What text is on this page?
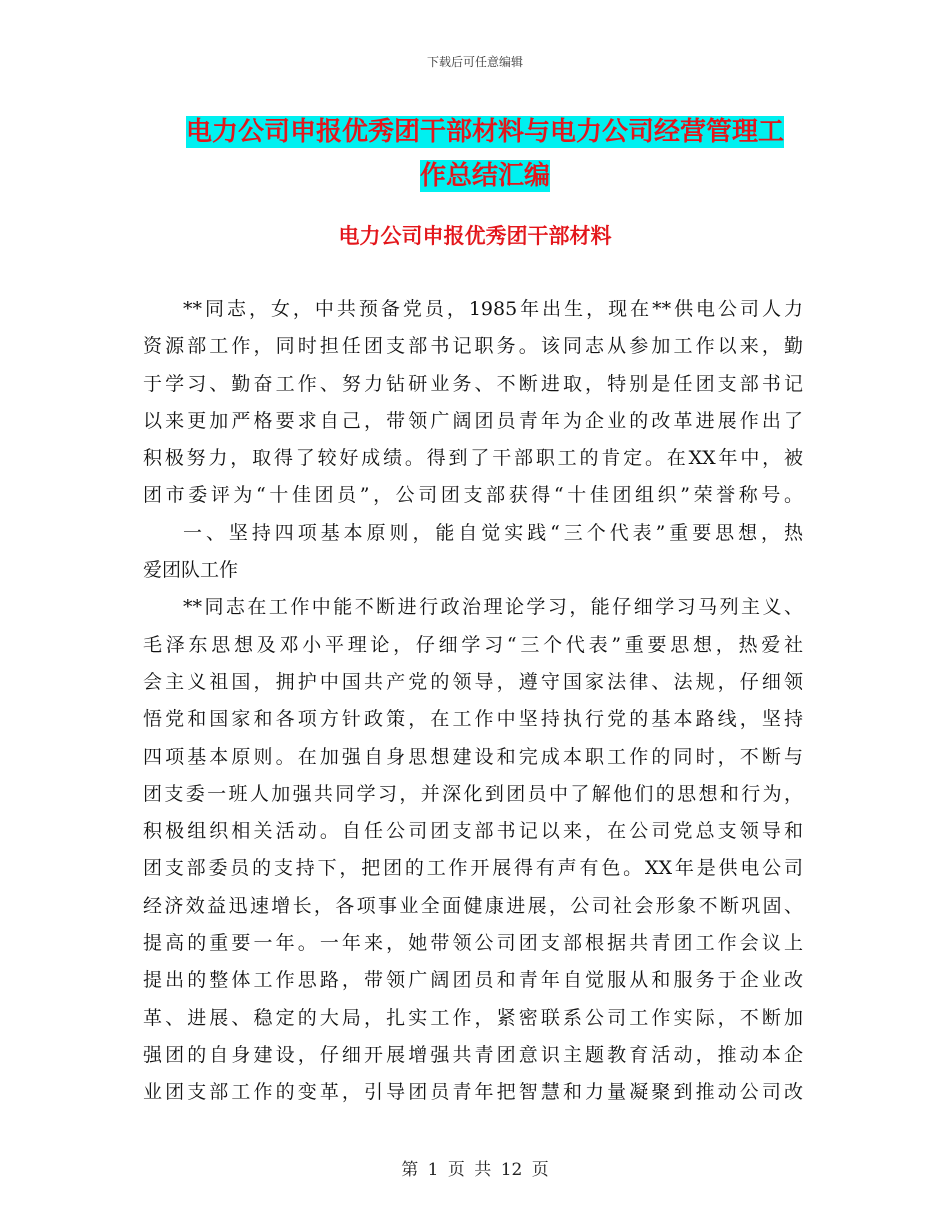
下载后可任意编辑
电力公司申报优秀团干部材料与电力公司经营管理工
作总结汇编
电力公司申报优秀团干部材料
**同志，女，中共预备党员，1985年出生，现在**供电公司人力
资源部工作，同时担任团支部书记职务。该同志从参加工作以来，勤
于学习、勤奋工作、努力钻研业务、不断进取，特别是任团支部书记
以来更加严格要求自己，带领广阔团员青年为企业的改革进展作出了
积极努力，取得了较好成绩。得到了干部职工的肯定。在XX年中，被
团市委评为“十佳团员”，公司团支部获得“十佳团组织”荣誉称号。
一、坚持四项基本原则，能自觉实践“三个代表”重要思想，热
爱团队工作
**同志在工作中能不断进行政治理论学习，能仔细学习马列主义、
毛泽东思想及邓小平理论，仔细学习“三个代表”重要思想，热爱社
会主义祖国，拥护中国共产党的领导，遵守国家法律、法规，仔细领
悟党和国家和各项方针政策，在工作中坚持执行党的基本路线，坚持
四项基本原则。在加强自身思想建设和完成本职工作的同时，不断与
团支委一班人加强共同学习，并深化到团员中了解他们的思想和行为，
积极组织相关活动。自任公司团支部书记以来，在公司党总支领导和
团支部委员的支持下，把团的工作开展得有声有色。XX年是供电公司
经济效益迅速增长，各项事业全面健康进展，公司社会形象不断巩固、
提高的重要一年。一年来，她带领公司团支部根据共青团工作会议上
提出的整体工作思路，带领广阔团员和青年自觉服从和服务于企业改
革、进展、稳定的大局，扎实工作，紧密联系公司工作实际，不断加
强团的自身建设，仔细开展增强共青团意识主题教育活动，推动本企
业团支部工作的变革，引导团员青年把智慧和力量凝聚到推动公司改
第 1 页 共 12 页
